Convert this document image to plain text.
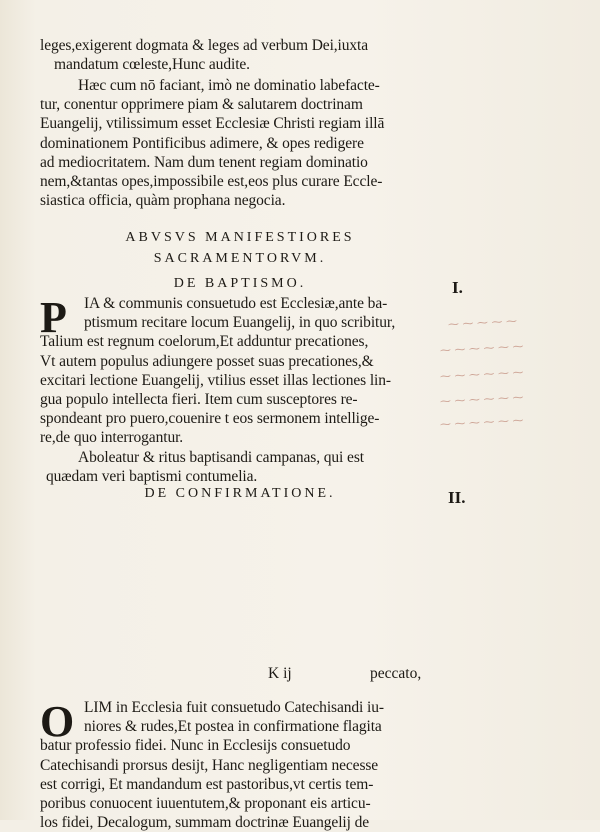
leges,exigerent dogmata & leges ad verbum Dei,iuxta
mandatum cœleste,Hunc audite.
Hæc cum nō faciant, imò ne dominatio labefacte-
tur, conentur opprimere piam & salutarem doctrinam
Euangelij, vtilissimum esset Ecclesiæ Christi regiam illā
dominationem Pontificibus adimere, & opes redigere
ad mediocritatem. Nam dum tenent regiam dominatio
nem,&tantas opes,impossibile est,eos plus curare Eccle-
siastica officia, quàm prophana negocia.
ABVSVS MANIFESTIORES
SACRAMENTORVM.
DE BAPTISMO.	I.
P	IA & communis consuetudo est Ecclesiæ,ante ba-
ptismum recitare locum Euangelij, in quo scribitur,
Talium est regnum coelorum,Et adduntur precationes,
Vt autem populus adiungere posset suas precationes,&
excitari lectione Euangelij, vtilius esset illas lectiones lin-
gua populo intellecta fieri. Item cum susceptores re-
spondeant pro puero,couenire t eos sermonem intellige-
re,de quo interrogantur.
Aboleatur & ritus baptisandi campanas, qui est
quædam veri baptismi contumelia.
⁓ ⁓ ⁓ ⁓ ⁓
⁓ ⁓ ⁓ ⁓ ⁓ ⁓
⁓ ⁓ ⁓ ⁓ ⁓ ⁓
⁓ ⁓ ⁓ ⁓ ⁓ ⁓
⁓ ⁓ ⁓ ⁓ ⁓ ⁓
DE CONFIRMATIONE.	II.
O LIM in Ecclesia fuit consuetudo Catechisandi iu-
niores & rudes,Et postea in confirmatione flagita
batur professio fidei. Nunc in Ecclesijs consuetudo
Catechisandi prorsus desijt, Hanc negligentiam necesse
est corrigi, Et mandandum est pastoribus,vt certis tem-
poribus conuocent iuuentutem,& proponant eis articu-
los fidei, Decalogum, summam doctrinæ Euangelij de
K ij	peccato,
